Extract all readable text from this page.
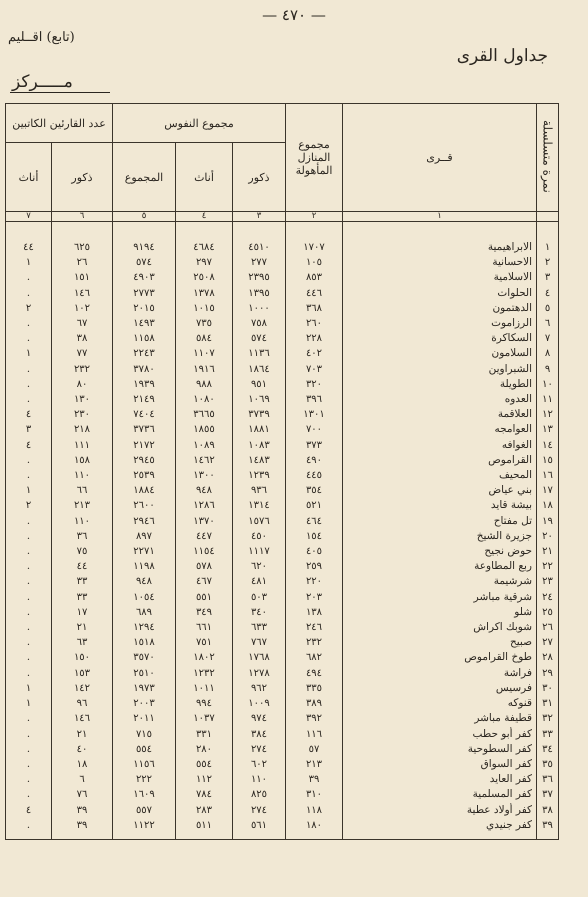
— ٤٧٠ —
(تابع) اقــليم
جداول القرى
مـــــركز
عدد القارئين الكاتبين		مجموع النفوس			مجموع المنازل المأهولة	قــرى	نمرة متسلسلة
أناث	ذكور	المجموع	أناث	ذكور			
٧	٦	٥	٤	٣	٢	١	

٤٤	٦٢٥	٩١٩٤	٤٦٨٤	٤٥١٠	١٧٠٧	الابراهيمية	١
١	٢٦	٥٧٤	٢٩٧	٢٧٧	١٠٥	الاحسانية	٢
.	١٥١	٤٩٠٣	٢٥٠٨	٢٣٩٥	٨٥٣	الاسلامية	٣
.	١٤٦	٢٧٧٣	١٣٧٨	١٣٩٥	٤٤٦	الحلوات	٤
٢	١٠٢	٢٠١٥	١٠١٥	١٠٠٠	٣٦٨	الدهتمون	٥
.	٦٧	١٤٩٣	٧٣٥	٧٥٨	٢٦٠	الرزاموت	٦
.	٣٨	١١٥٨	٥٨٤	٥٧٤	٢٢٨	السكاكرة	٧
١	٧٧	٢٢٤٣	١١٠٧	١١٣٦	٤٠٢	السلامون	٨
.	٢٣٢	٣٧٨٠	١٩١٦	١٨٦٤	٧٠٣	الشبراوين	٩
.	٨٠	١٩٣٩	٩٨٨	٩٥١	٣٢٠	الطويلة	١٠
.	١٣٠	٢١٤٩	١٠٨٠	١٠٦٩	٣٩٦	العدوه	١١
٤	٢٣٠	٧٤٠٤	٣٦٦٥	٣٧٣٩	١٣٠١	العلاقمة	١٢
٣	٢١٨	٣٧٣٦	١٨٥٥	١٨٨١	٧٠٠	العوامجه	١٣
٤	١١١	٢١٧٢	١٠٨٩	١٠٨٣	٣٧٣	الغوافه	١٤
.	١٥٨	٢٩٤٥	١٤٦٢	١٤٨٣	٤٩٠	القراموص	١٥
.	١١٠	٢٥٣٩	١٣٠٠	١٢٣٩	٤٤٥	المحيف	١٦
١	٦٦	١٨٨٤	٩٤٨	٩٣٦	٣٥٤	بني عياض	١٧
٢	٢١٣	٢٦٠٠	١٢٨٦	١٣١٤	٥٢١	بيشة قايد	١٨
.	١١٠	٢٩٤٦	١٣٧٠	١٥٧٦	٤٦٤	تل مفتاح	١٩
.	٣٦	٨٩٧	٤٤٧	٤٥٠	١٥٤	جزيرة الشيخ	٢٠
.	٧٥	٢٢٧١	١١٥٤	١١١٧	٤٠٥	حوض نجيح	٢١
.	٤٤	١١٩٨	٥٧٨	٦٢٠	٢٥٩	ربع المطاوعة	٢٢
.	٣٣	٩٤٨	٤٦٧	٤٨١	٢٢٠	شرشيمة	٢٣
.	٣٣	١٠٥٤	٥٥١	٥٠٣	٢٠٣	شرقية مباشر	٢٤
.	١٧	٦٨٩	٣٤٩	٣٤٠	١٣٨	شلو	٢٥
.	٢١	١٢٩٤	٦٦١	٦٣٣	٢٤٦	شوبك اكراش	٢٦
.	٦٣	١٥١٨	٧٥١	٧٦٧	٢٣٢	صبيح	٢٧
.	١٥٠	٣٥٧٠	١٨٠٢	١٧٦٨	٦٨٢	طوخ القراموص	٢٨
.	١٥٣	٢٥١٠	١٢٣٢	١٢٧٨	٤٩٤	فراشة	٢٩
١	١٤٢	١٩٧٣	١٠١١	٩٦٢	٣٣٥	فرسيس	٣٠
١	٩٦	٢٠٠٣	٩٩٤	١٠٠٩	٣٨٩	قنوكه	٣١
.	١٤٦	٢٠١١	١٠٣٧	٩٧٤	٣٩٢	قطيفة مباشر	٣٢
.	٢١	٧١٥	٣٣١	٣٨٤	١١٦	كفر أبو حطب	٣٣
.	٤٠	٥٥٤	٢٨٠	٢٧٤	٥٧	كفر السطوحية	٣٤
.	١٨	١١٥٦	٥٥٤	٦٠٢	٢١٣	كفر السواق	٣٥
.	٦	٢٢٢	١١٢	١١٠	٣٩	كفر العايد	٣٦
.	٧٦	١٦٠٩	٧٨٤	٨٢٥	٣١٠	كفر المسلمية	٣٧
٤	٣٩	٥٥٧	٢٨٣	٢٧٤	١١٨	كفر أولاد عطية	٣٨
.	٣٩	١١٢٢	٥١١	٥٦١	١٨٠	كفر جنيدي	٣٩
